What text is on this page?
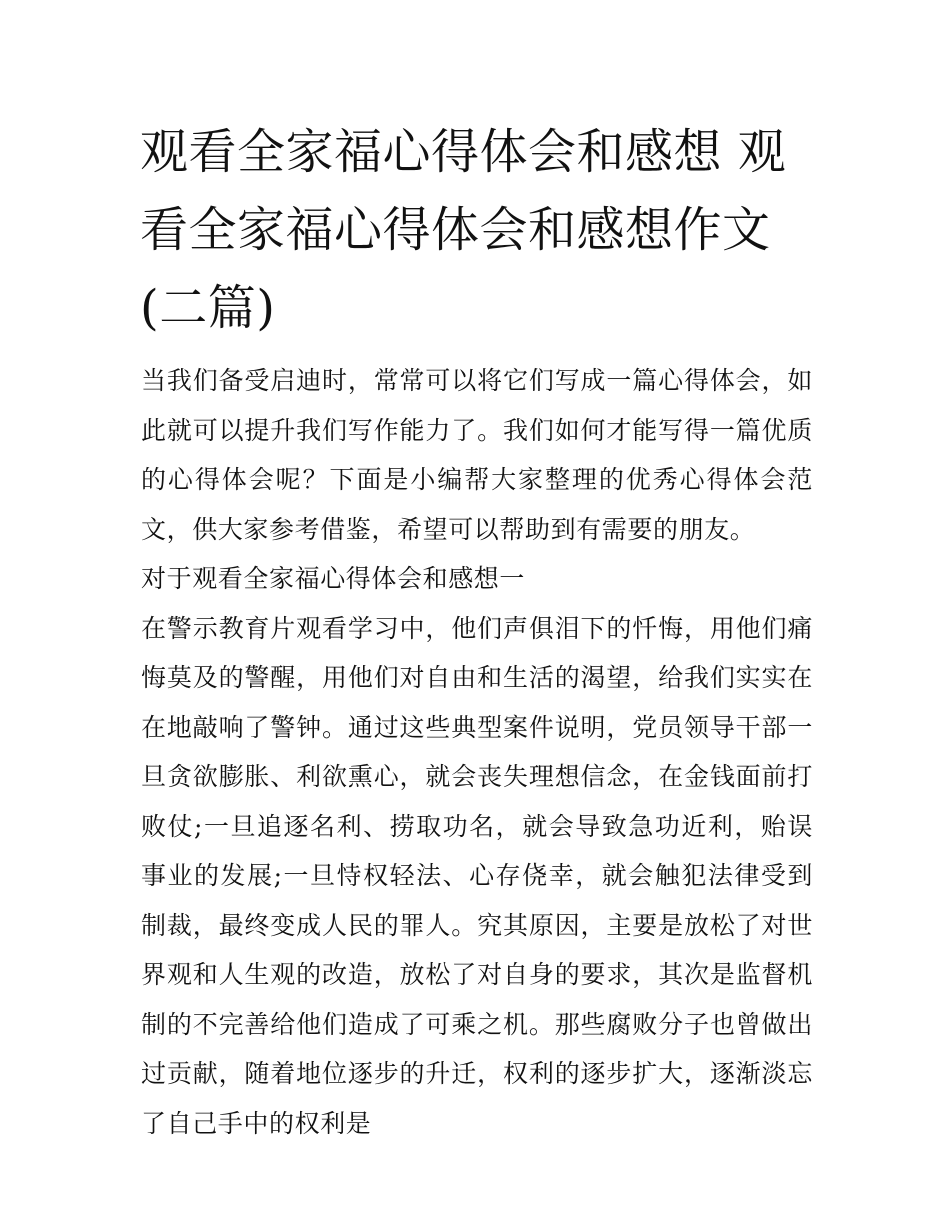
观看全家福心得体会和感想 观看全家福心得体会和感想作文(二篇)

当我们备受启迪时，常常可以将它们写成一篇心得体会，如此就可以提升我们写作能力了。我们如何才能写得一篇优质的心得体会呢？下面是小编帮大家整理的优秀心得体会范文，供大家参考借鉴，希望可以帮助到有需要的朋友。

对于观看全家福心得体会和感想一

在警示教育片观看学习中，他们声俱泪下的忏悔，用他们痛悔莫及的警醒，用他们对自由和生活的渴望，给我们实实在在地敲响了警钟。通过这些典型案件说明，党员领导干部一旦贪欲膨胀、利欲熏心，就会丧失理想信念，在金钱面前打败仗;一旦追逐名利、捞取功名，就会导致急功近利，贻误事业的发展;一旦恃权轻法、心存侥幸，就会触犯法律受到制裁，最终变成人民的罪人。究其原因，主要是放松了对世界观和人生观的改造，放松了对自身的要求，其次是监督机制的不完善给他们造成了可乘之机。那些腐败分子也曾做出过贡献，随着地位逐步的升迁，权利的逐步扩大，逐渐淡忘了自己手中的权利是
